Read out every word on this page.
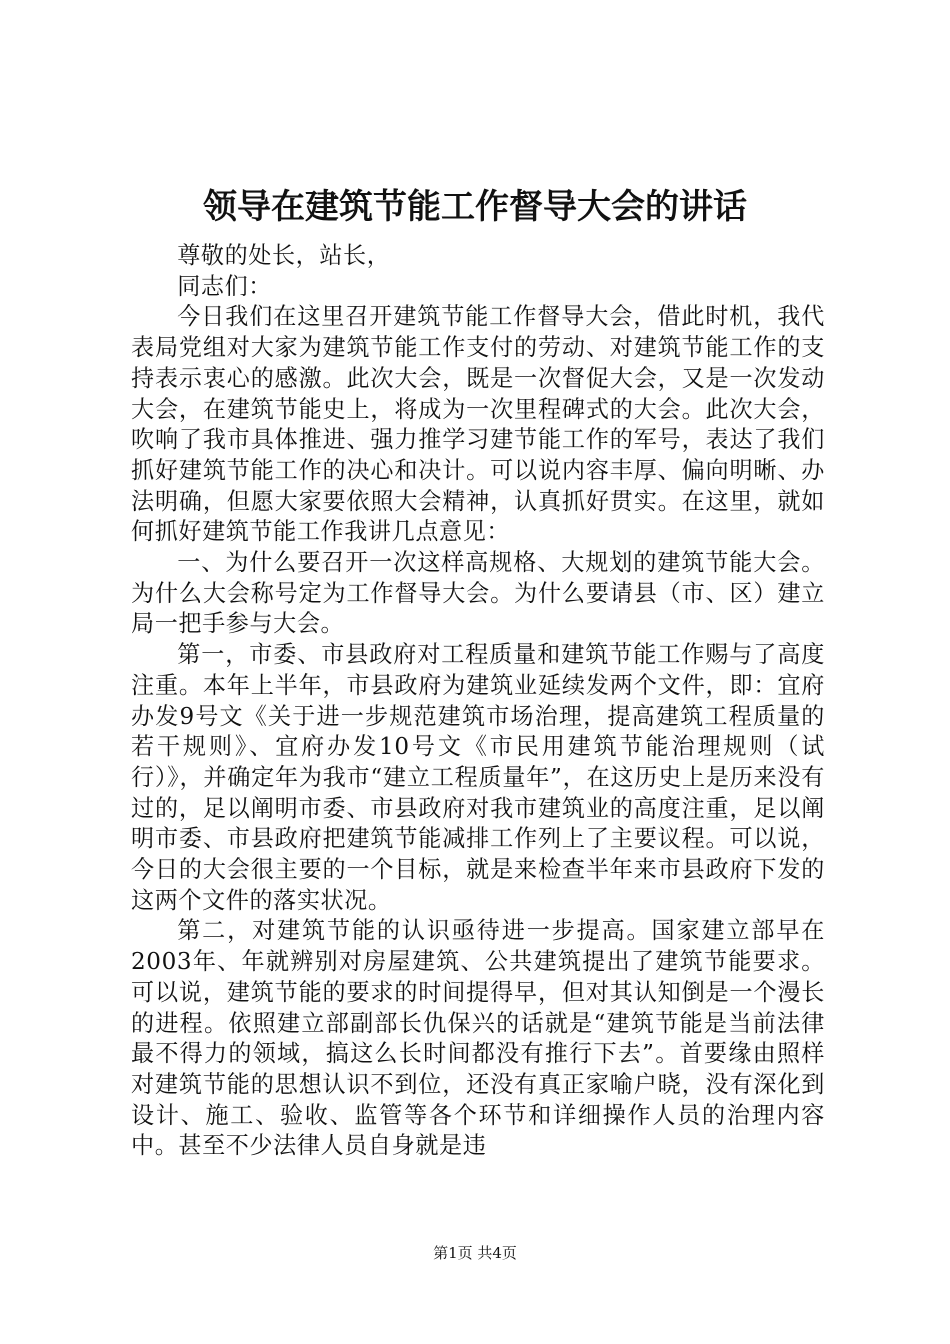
领导在建筑节能工作督导大会的讲话

尊敬的处长，站长，

同志们：

今日我们在这里召开建筑节能工作督导大会，借此时机，我代表局党组对大家为建筑节能工作支付的劳动、对建筑节能工作的支持表示衷心的感激。此次大会，既是一次督促大会，又是一次发动大会，在建筑节能史上，将成为一次里程碑式的大会。此次大会，吹响了我市具体推进、强力推学习建节能工作的军号，表达了我们抓好建筑节能工作的决心和决计。可以说内容丰厚、偏向明晰、办法明确，但愿大家要依照大会精神，认真抓好贯实。在这里，就如何抓好建筑节能工作我讲几点意见：

一、为什么要召开一次这样高规格、大规划的建筑节能大会。为什么大会称号定为工作督导大会。为什么要请县（市、区）建立局一把手参与大会。

第一，市委、市县政府对工程质量和建筑节能工作赐与了高度注重。本年上半年，市县政府为建筑业延续发两个文件，即：宜府办发9号文《关于进一步规范建筑市场治理，提高建筑工程质量的若干规则》、宜府办发10号文《市民用建筑节能治理规则（试行）》，并确定年为我市“建立工程质量年”，在这历史上是历来没有过的，足以阐明市委、市县政府对我市建筑业的高度注重，足以阐明市委、市县政府把建筑节能减排工作列上了主要议程。可以说，今日的大会很主要的一个目标，就是来检查半年来市县政府下发的这两个文件的落实状况。

第二，对建筑节能的认识亟待进一步提高。国家建立部早在2003年、年就辨别对房屋建筑、公共建筑提出了建筑节能要求。可以说，建筑节能的要求的时间提得早，但对其认知倒是一个漫长的进程。依照建立部副部长仇保兴的话就是“建筑节能是当前法律最不得力的领域，搞这么长时间都没有推行下去”。首要缘由照样对建筑节能的思想认识不到位，还没有真正家喻户晓，没有深化到设计、施工、验收、监管等各个环节和详细操作人员的治理内容中。甚至不少法律人员自身就是违

第1页 共4页
